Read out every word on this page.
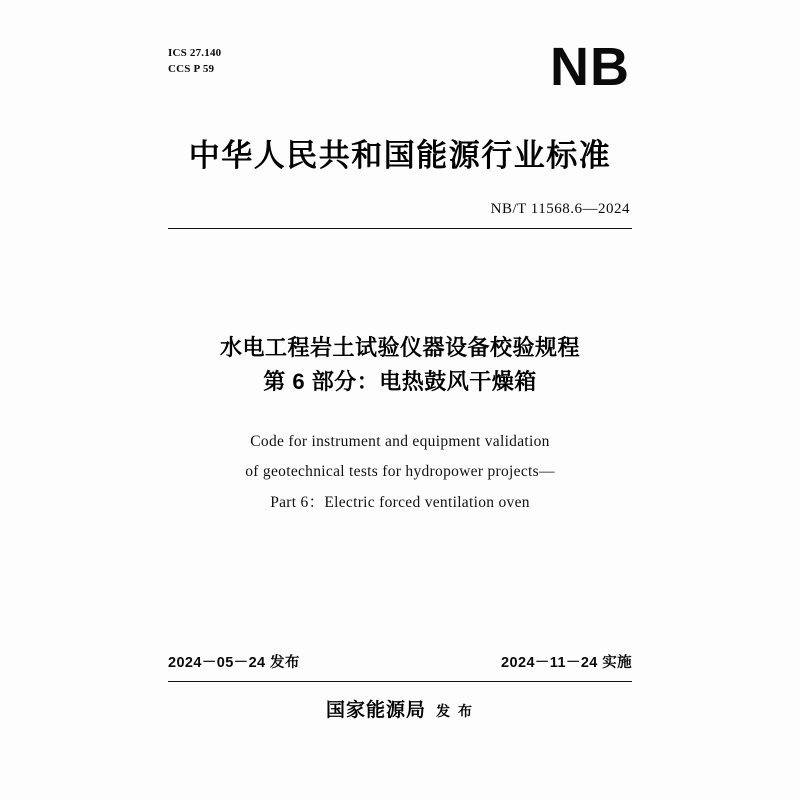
ICS 27.140
CCS P 59	NB
中华人民共和国能源行业标准
NB/T 11568.6—2024
水电工程岩土试验仪器设备校验规程
第 6 部分：电热鼓风干燥箱
Code for instrument and equipment validation
of geotechnical tests for hydropower projects—
Part 6：Electric forced ventilation oven
2024－05－24 发布	2024－11－24 实施
国家能源局 发 布
